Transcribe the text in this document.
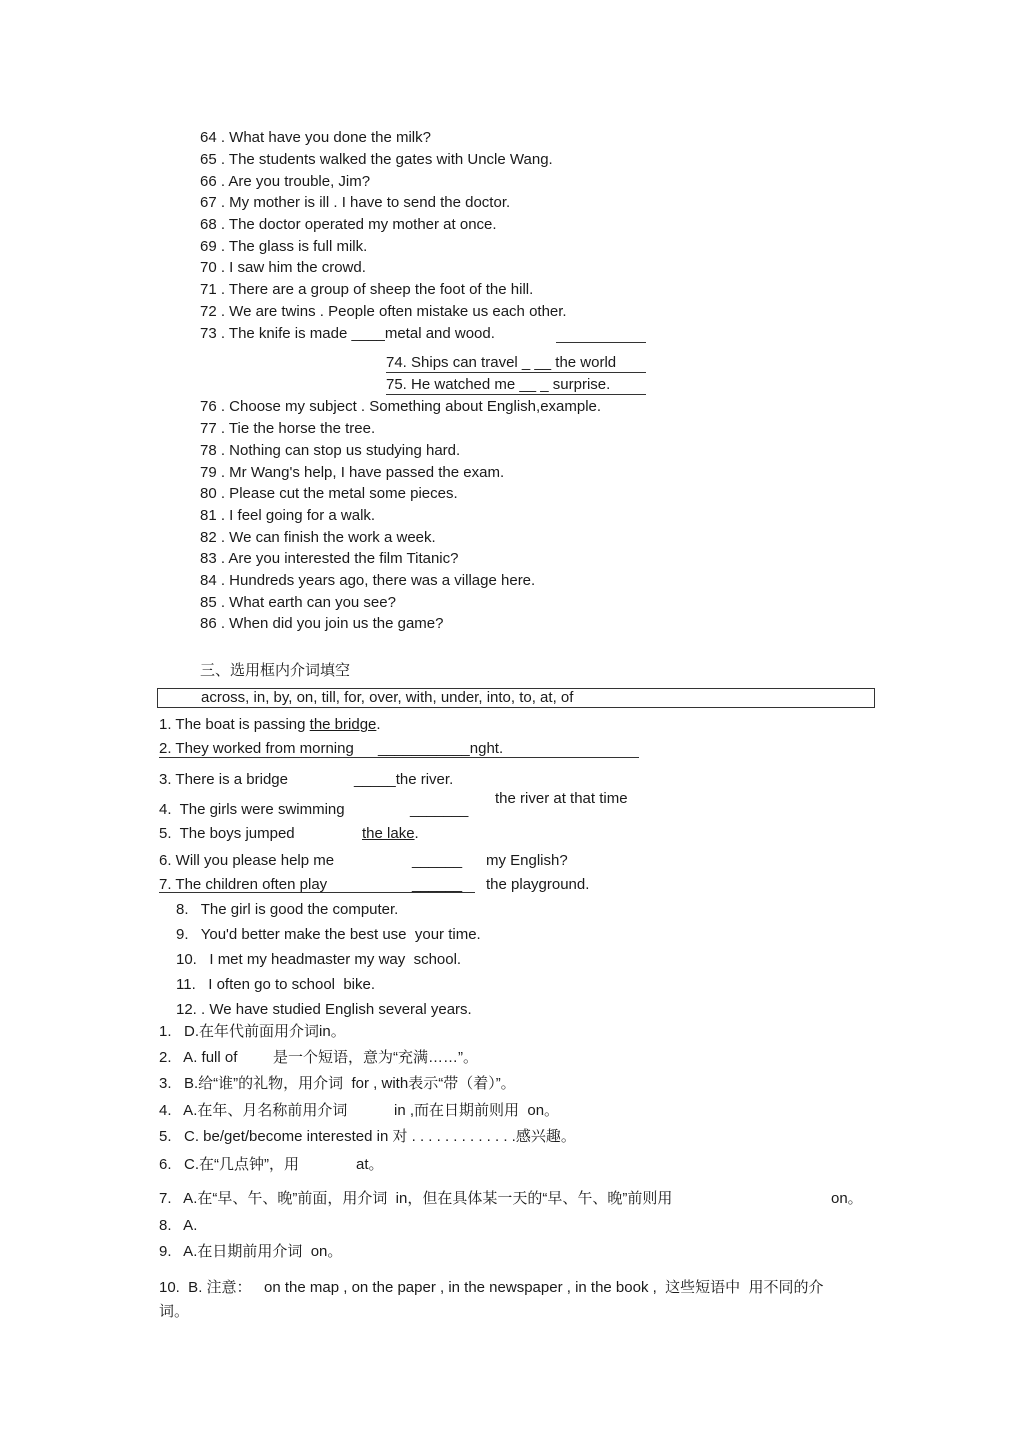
64 . What have you done the milk?
65 . The students walked the gates with Uncle Wang.
66 . Are you trouble, Jim?
67 . My mother is ill . I have to send the doctor.
68 . The doctor operated my mother at once.
69 . The glass is full milk.
70 . I saw him the crowd.
71 . There are a group of sheep the foot of the hill.
72 . We are twins . People often mistake us each other.
73 . The knife is made ____metal and wood.
74. Ships can travel _ __ the world
75. He watched me __ _ surprise.
76 . Choose my subject . Something about English,example.
77 . Tie the horse the tree.
78 . Nothing can stop us studying hard.
79 . Mr Wang's help, I have passed the exam.
80 . Please cut the metal some pieces.
81 . I feel going for a walk.
82 . We can finish the work a week.
83 . Are you interested the film Titanic?
84 . Hundreds years ago, there was a village here.
85 . What earth can you see?
86 . When did you join us the game?
三、选用框内介词填空
across, in, by, on, till, for, over, with, under, into, to, at, of
1. The boat is passing the bridge.
2. They worked from morning ___________nght.
3. There is a bridge	_____the river.
4.  The girls were swimming	_______
the river at that time
5.  The boys jumped	the lake.
6. Will you please help me	______ my English?
7. The children often play	______ the playground.
8.   The girl is good the computer.
9.   You'd better make the best use  your time.
10.   I met my headmaster my way  school.
11.   I often go to school  bike.
12. . We have studied English several years.
1.   D.在年代前面用介词in。
2.   A. full of 是一个短语，意为“充满……”。
3.   B.给“谁”的礼物，用介词  for , with表示“带（着）”。
4.   A.在年、月名称前用介词	in ,而在日期前则用  on。
5.   C. be/get/become interested in 对 . . . . . . . . . . . . .感兴趣。
6.   C.在“几点钟”，用	at。
7.   A.在“早、午、晚”前面，用介词  in，但在具体某一天的“早、午、晚”前则用	on。
8.   A.
9.   A.在日期前用介词  on。
10.  B. 注意：   on the map , on the paper , in the newspaper , in the book ,  这些短语中  用不同的介
词。
